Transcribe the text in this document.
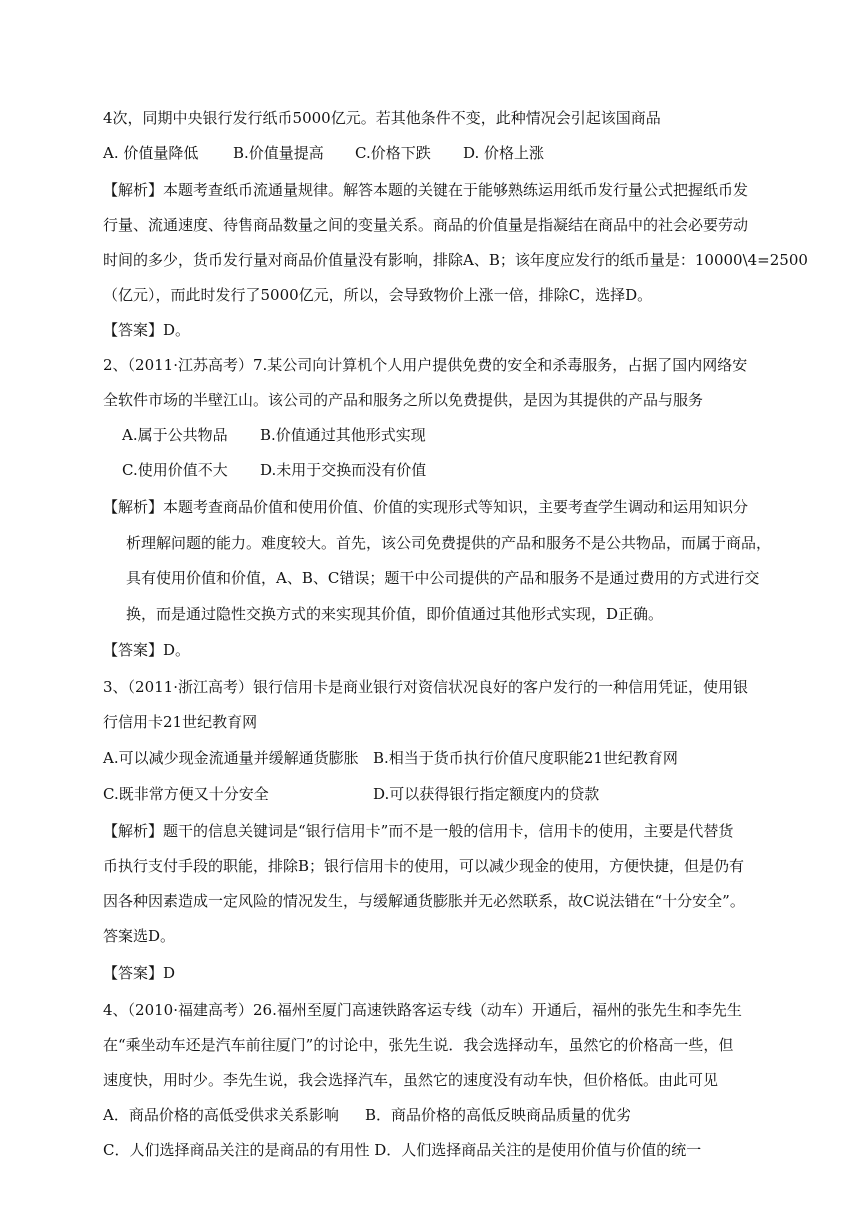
4次，同期中央银行发行纸币5000亿元。若其他条件不变，此种情况会引起该国商品

A. 价值量降低 B.价值量提高 C.价格下跌 D. 价格上涨

【解析】本题考查纸币流通量规律。解答本题的关键在于能够熟练运用纸币发行量公式把握纸币发

行量、流通速度、待售商品数量之间的变量关系。商品的价值量是指凝结在商品中的社会必要劳动

时间的多少，货币发行量对商品价值量没有影响，排除A、B；该年度应发行的纸币量是：10000\4=2500

（亿元），而此时发行了5000亿元，所以，会导致物价上涨一倍，排除C，选择D。

【答案】D。

2、（2011·江苏高考）7.某公司向计算机个人用户提供免费的安全和杀毒服务，占据了国内网络安

全软件市场的半壁江山。该公司的产品和服务之所以免费提供，是因为其提供的产品与服务

A.属于公共物品 B.价值通过其他形式实现

C.使用价值不大 D.未用于交换而没有价值

【解析】本题考查商品价值和使用价值、价值的实现形式等知识，主要考查学生调动和运用知识分

析理解问题的能力。难度较大。首先，该公司免费提供的产品和服务不是公共物品，而属于商品，

具有使用价值和价值，A、B、C错误；题干中公司提供的产品和服务不是通过费用的方式进行交

换，而是通过隐性交换方式的来实现其价值，即价值通过其他形式实现，D正确。

【答案】D。

3、（2011·浙江高考）银行信用卡是商业银行对资信状况良好的客户发行的一种信用凭证，使用银

行信用卡21世纪教育网

A.可以减少现金流通量并缓解通货膨胀 B.相当于货币执行价值尺度职能21世纪教育网

C.既非常方便又十分安全	D.可以获得银行指定额度内的贷款

【解析】题干的信息关键词是“银行信用卡”而不是一般的信用卡，信用卡的使用，主要是代替货

币执行支付手段的职能，排除B；银行信用卡的使用，可以减少现金的使用，方便快捷，但是仍有

因各种因素造成一定风险的情况发生，与缓解通货膨胀并无必然联系，故C说法错在“十分安全”。

答案选D。

【答案】D

4、（2010·福建高考）26.福州至厦门高速铁路客运专线（动车）开通后，福州的张先生和李先生

在“乘坐动车还是汽车前往厦门”的讨论中，张先生说．我会选择动车，虽然它的价格高一些，但

速度快，用时少。李先生说，我会选择汽车，虽然它的速度没有动车快，但价格低。由此可见

A．商品价格的高低受供求关系影响 B．商品价格的高低反映商品质量的优劣

C．人们选择商品关注的是商品的有用性 D．人们选择商品关注的是使用价值与价值的统一
